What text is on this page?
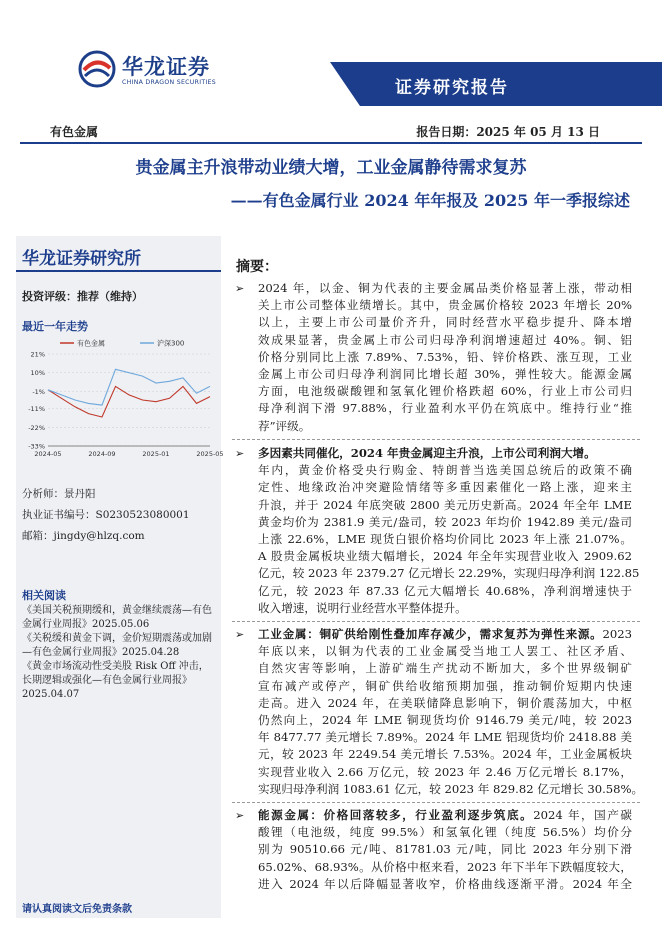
华龙证券
CHINA DRAGON SECURITIES	证券研究报告
有色金属	报告日期：2025 年 05 月 13 日
贵金属主升浪带动业绩大增，工业金属静待需求复苏
——有色金属行业 2024 年年报及 2025 年一季报综述
华龙证券研究所
投资评级：推荐（维持）
最近一年走势
21%
10%
-1%
-11%
-22%
-33%
2024-05	2024-09	2025-01	2025-05
有色金属	沪深300
分析师：景丹阳
执业证书编号：S0230523080001
邮箱：jingdy@hlzq.com
相关阅读

《美国关税预期缓和，黄金继续震荡—有色金属行业周报》2025.05.06

《关税缓和黄金下调，金价短期震荡或加剧—有色金属行业周报》2025.04.28

《黄金市场流动性受美股 Risk Off 冲击，长期逻辑或强化—有色金属行业周报》2025.04.07

请认真阅读文后免责条款
摘要：
➢ 2024 年，以金、铜为代表的主要金属品类价格显著上涨，带动相
关上市公司整体业绩增长。其中，贵金属价格较 2023 年增长 20%
以上，主要上市公司量价齐升，同时经营水平稳步提升、降本增
效成果显著，贵金属上市公司归母净利润增速超过 40%。铜、铝
价格分别同比上涨 7.89%、7.53%，铅、锌价格跌、涨互现，工业
金属上市公司归母净利润同比增长超 30%，弹性较大。能源金属
方面，电池级碳酸锂和氢氧化锂价格跌超 60%，行业上市公司归
母净利润下滑 97.88%，行业盈利水平仍在筑底中。维持行业“推
荐”评级。
➢ 多因素共同催化，2024 年贵金属迎主升浪，上市公司利润大增。
年内，黄金价格受央行购金、特朗普当选美国总统后的政策不确
定性、地缘政治冲突避险情绪等多重因素催化一路上涨，迎来主
升浪，并于 2024 年底突破 2800 美元历史新高。2024 年全年 LME
黄金均价为 2381.9 美元/盎司，较 2023 年均价 1942.89 美元/盎司
上涨 22.6%，LME 现货白银价格均价同比 2023 年上涨 21.07%。
A 股贵金属板块业绩大幅增长，2024 年全年实现营业收入 2909.62
亿元，较 2023 年 2379.27 亿元增长 22.29%，实现归母净利润 122.85
亿元，较 2023 年 87.33 亿元大幅增长 40.68%，净利润增速快于
收入增速，说明行业经营水平整体提升。
➢ 工业金属：铜矿供给刚性叠加库存减少，需求复苏为弹性来源。2023
年底以来，以铜为代表的工业金属受当地工人罢工、社区矛盾、
自然灾害等影响，上游矿端生产扰动不断加大，多个世界级铜矿
宣布减产或停产，铜矿供给收缩预期加强，推动铜价短期内快速
走高。进入 2024 年，在美联储降息影响下，铜价震荡加大，中枢
仍然向上，2024 年 LME 铜现货均价 9146.79 美元/吨，较 2023
年 8477.77 美元增长 7.89%。2024 年 LME 铝现货均价 2418.88 美
元，较 2023 年 2249.54 美元增长 7.53%。2024 年，工业金属板块
实现营业收入 2.66 万亿元，较 2023 年 2.46 万亿元增长 8.17%，
实现归母净利润 1083.61 亿元，较 2023 年 829.82 亿元增长 30.58%。
➢ 能源金属：价格回落较多，行业盈利逐步筑底。2024 年，国产碳
酸锂（电池级，纯度 99.5%）和氢氧化锂（纯度 56.5%）均价分
别为 90510.66 元/吨、81781.03 元/吨，同比 2023 年分别下滑
65.02%、68.93%。从价格中枢来看，2023 年下半年下跌幅度较大，
进入 2024 年以后降幅显著收窄，价格曲线逐渐平滑。2024 年全
